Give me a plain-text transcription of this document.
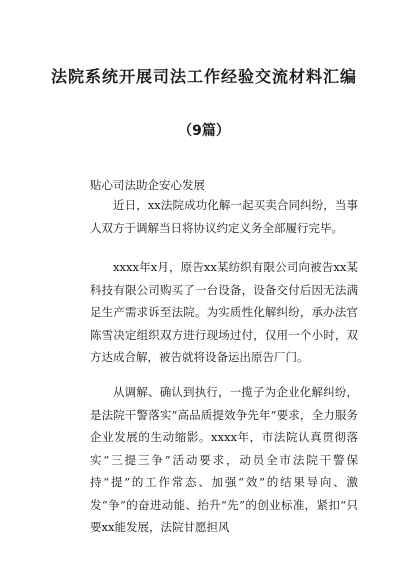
法院系统开展司法工作经验交流材料汇编
（9篇）
贴心司法助企安心发展

近日，xx法院成功化解一起买卖合同纠纷，当事人双方于调解当日将协议约定义务全部履行完毕。

xxxx年x月，原告xx某纺织有限公司向被告xx某科技有限公司购买了一台设备，设备交付后因无法满足生产需求诉至法院。为实质性化解纠纷，承办法官陈雪决定组织双方进行现场过付，仅用一个小时，双方达成合解，被告就将设备运出原告厂门。

从调解、确认到执行，一揽子为企业化解纠纷，是法院干警落实“高品质提效争先年”要求，全力服务企业发展的生动缩影。xxxx年，市法院认真贯彻落实“三提三争”活动要求，动员全市法院干警保持“提”的工作常态、加强“效”的结果导向、激发“争”的奋进动能、抬升“先”的创业标准，紧扣“只要xx能发展，法院甘愿担风
